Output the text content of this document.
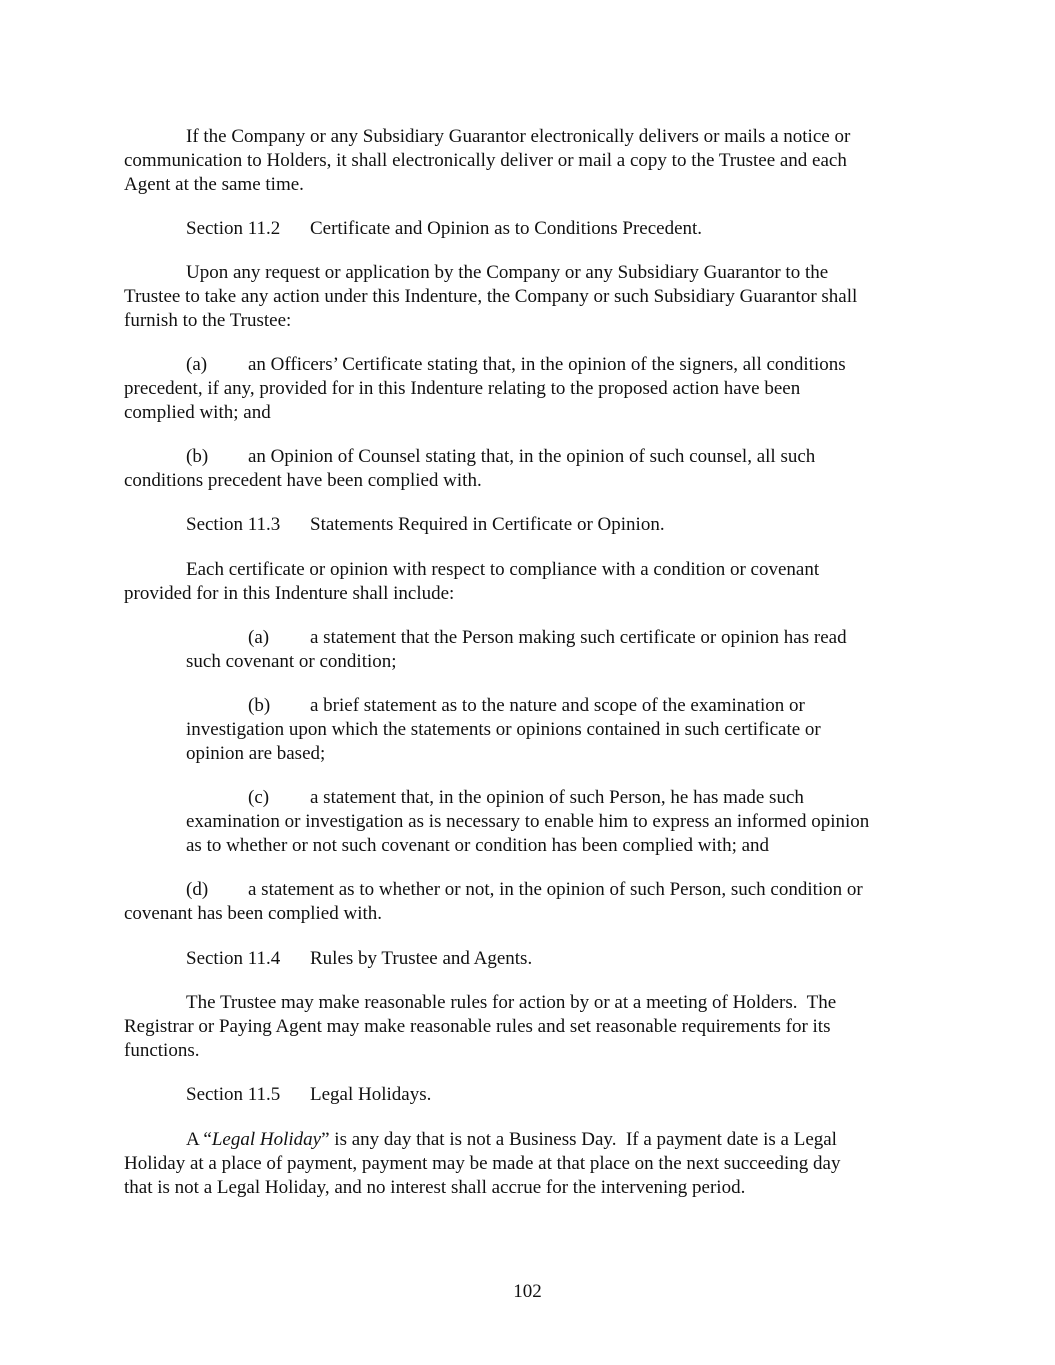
If the Company or any Subsidiary Guarantor electronically delivers or mails a notice or
communication to Holders, it shall electronically deliver or mail a copy to the Trustee and each
Agent at the same time.
Section 11.2 Certificate and Opinion as to Conditions Precedent.
Upon any request or application by the Company or any Subsidiary Guarantor to the
Trustee to take any action under this Indenture, the Company or such Subsidiary Guarantor shall
furnish to the Trustee:
(a) an Officers’ Certificate stating that, in the opinion of the signers, all conditions
precedent, if any, provided for in this Indenture relating to the proposed action have been
complied with; and
(b) an Opinion of Counsel stating that, in the opinion of such counsel, all such
conditions precedent have been complied with.
Section 11.3 Statements Required in Certificate or Opinion.
Each certificate or opinion with respect to compliance with a condition or covenant
provided for in this Indenture shall include:
(a) a statement that the Person making such certificate or opinion has read
such covenant or condition;
(b) a brief statement as to the nature and scope of the examination or
investigation upon which the statements or opinions contained in such certificate or
opinion are based;
(c) a statement that, in the opinion of such Person, he has made such
examination or investigation as is necessary to enable him to express an informed opinion
as to whether or not such covenant or condition has been complied with; and
(d) a statement as to whether or not, in the opinion of such Person, such condition or
covenant has been complied with.
Section 11.4 Rules by Trustee and Agents.
The Trustee may make reasonable rules for action by or at a meeting of Holders.  The
Registrar or Paying Agent may make reasonable rules and set reasonable requirements for its
functions.
Section 11.5 Legal Holidays.
A “Legal Holiday” is any day that is not a Business Day.  If a payment date is a Legal
Holiday at a place of payment, payment may be made at that place on the next succeeding day
that is not a Legal Holiday, and no interest shall accrue for the intervening period.
102
